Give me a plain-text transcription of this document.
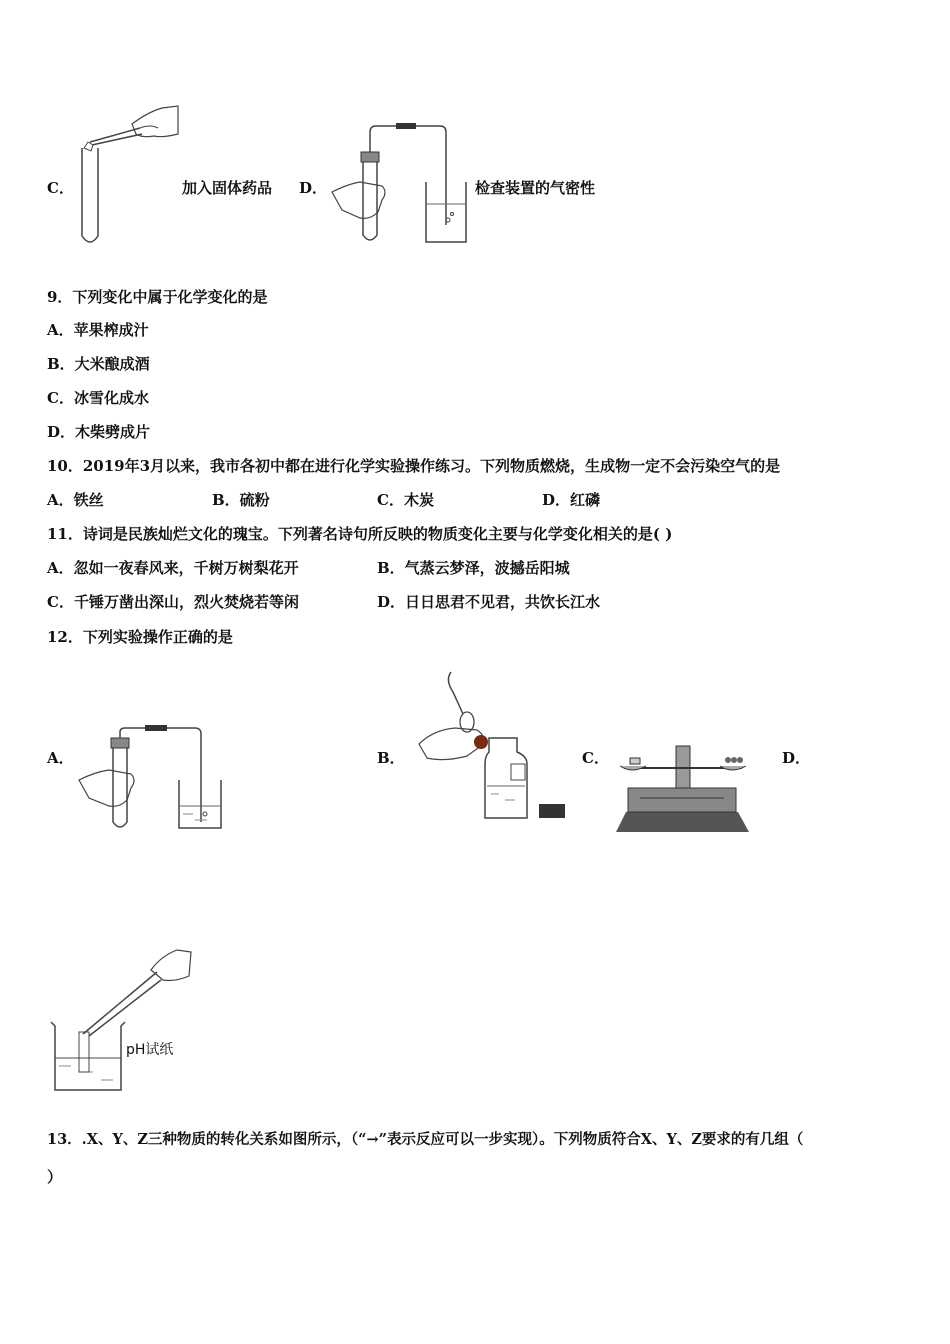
C．	加入固体药品 D．	检查装置的气密性
9．下列变化中属于化学变化的是
A．苹果榨成汁
B．大米酿成酒
C．冰雪化成水
D．木柴劈成片
10．2019年3月以来，我市各初中都在进行化学实验操作练习。下列物质燃烧，生成物一定不会污染空气的是
A．铁丝	B．硫粉	C．木炭	D．红磷
11．诗词是民族灿烂文化的瑰宝。下列著名诗句所反映的物质变化主要与化学变化相关的是( )
A．忽如一夜春风来，千树万树梨花开	B．气蒸云梦泽，波撼岳阳城
C．千锤万凿出深山，烈火焚烧若等闲	D．日日思君不见君，共饮长江水
12．下列实验操作正确的是
A．	B．	C．	D．
pH试纸
13．.X、Y、Z三种物质的转化关系如图所示，（“→”表示反应可以一步实现）。下列物质符合X、Y、Z要求的有几组（
）
